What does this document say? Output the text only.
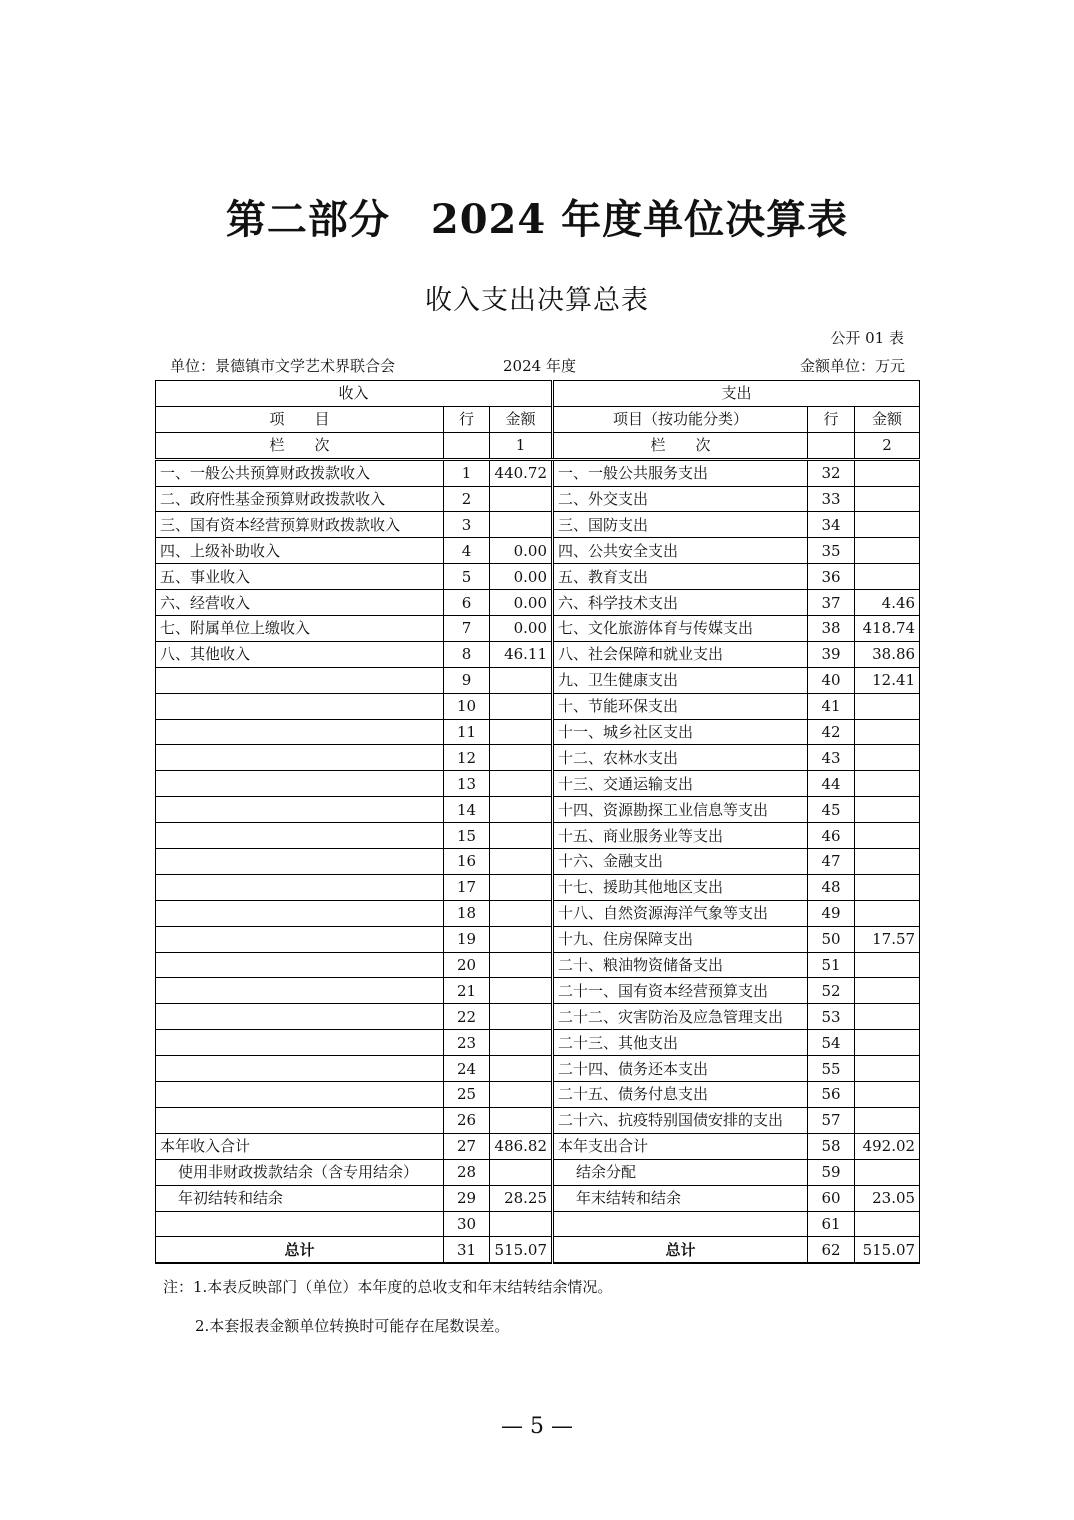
第二部分　2024 年度单位决算表
收入支出决算总表
公开 01 表
单位：景德镇市文学艺术界联合会	2024 年度	金额单位：万元
收入			支出		
项　　目	行	金额	项目（按功能分类）	行	金额
栏　　次		1	栏　　次		2
一、一般公共预算财政拨款收入	1	440.72	一、一般公共服务支出	32	
二、政府性基金预算财政拨款收入	2		二、外交支出	33	
三、国有资本经营预算财政拨款收入	3		三、国防支出	34	
四、上级补助收入	4	0.00	四、公共安全支出	35	
五、事业收入	5	0.00	五、教育支出	36	
六、经营收入	6	0.00	六、科学技术支出	37	4.46
七、附属单位上缴收入	7	0.00	七、文化旅游体育与传媒支出	38	418.74
八、其他收入	8	46.11	八、社会保障和就业支出	39	38.86
	9		九、卫生健康支出	40	12.41
	10		十、节能环保支出	41	
	11		十一、城乡社区支出	42	
	12		十二、农林水支出	43	
	13		十三、交通运输支出	44	
	14		十四、资源勘探工业信息等支出	45	
	15		十五、商业服务业等支出	46	
	16		十六、金融支出	47	
	17		十七、援助其他地区支出	48	
	18		十八、自然资源海洋气象等支出	49	
	19		十九、住房保障支出	50	17.57
	20		二十、粮油物资储备支出	51	
	21		二十一、国有资本经营预算支出	52	
	22		二十二、灾害防治及应急管理支出	53	
	23		二十三、其他支出	54	
	24		二十四、债务还本支出	55	
	25		二十五、债务付息支出	56	
	26		二十六、抗疫特别国债安排的支出	57	
本年收入合计	27	486.82	本年支出合计	58	492.02
使用非财政拨款结余（含专用结余）	28		结余分配	59	
年初结转和结余	29	28.25	年末结转和结余	60	23.05
	30			61	
总计	31	515.07	总计	62	515.07
注：1.本表反映部门（单位）本年度的总收支和年末结转结余情况。
2.本套报表金额单位转换时可能存在尾数误差。
— 5 —
